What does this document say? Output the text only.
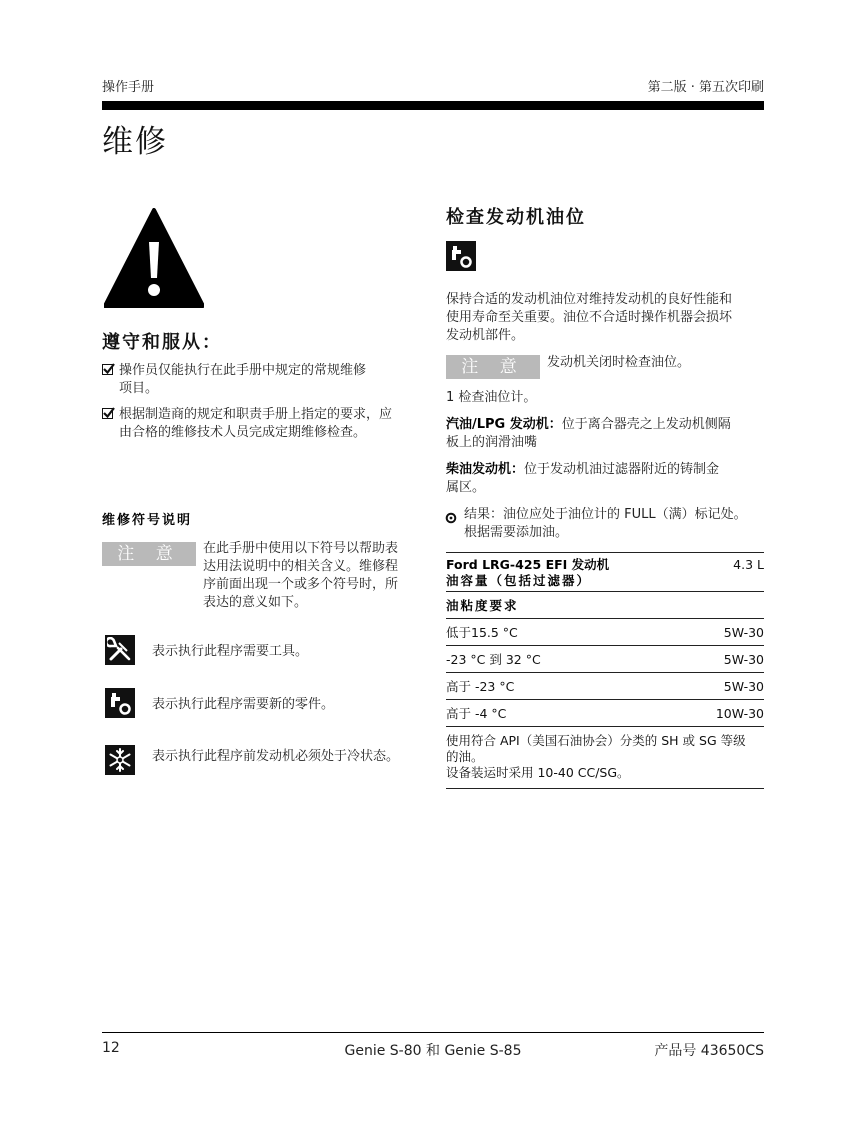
操作手册	第二版 · 第五次印刷
维修
遵守和服从：
操作员仅能执行在此手册中规定的常规维修
项目。
根据制造商的规定和职责手册上指定的要求，应
由合格的维修技术人员完成定期维修检查。
维修符号说明
注 意	在此手册中使用以下符号以帮助表
达用法说明中的相关含义。维修程
序前面出现一个或多个符号时，所
表达的意义如下。
表示执行此程序需要工具。
表示执行此程序需要新的零件。
表示执行此程序前发动机必须处于冷状态。
检查发动机油位
保持合适的发动机油位对维持发动机的良好性能和
使用寿命至关重要。油位不合适时操作机器会损坏
发动机部件。
注 意	发动机关闭时检查油位。
1 检查油位计。
汽油/LPG 发动机：位于离合器壳之上发动机侧隔
板上的润滑油嘴
柴油发动机：位于发动机油过滤器附近的铸制金
属区。
结果：油位应处于油位计的 FULL（满）标记处。
根据需要添加油。
Ford LRG-425 EFI 发动机
油容量（包括过滤器）
4.3 L
油粘度要求
低于15.5 °C	5W-30
-23 °C 到 32 °C	5W-30
高于 -23 °C	5W-30
高于 -4 °C	10W-30
使用符合 API（美国石油协会）分类的 SH 或 SG 等级
的油。
设备装运时采用 10-40 CC/SG。
12	Genie S-80 和 Genie S-85	产品号 43650CS
